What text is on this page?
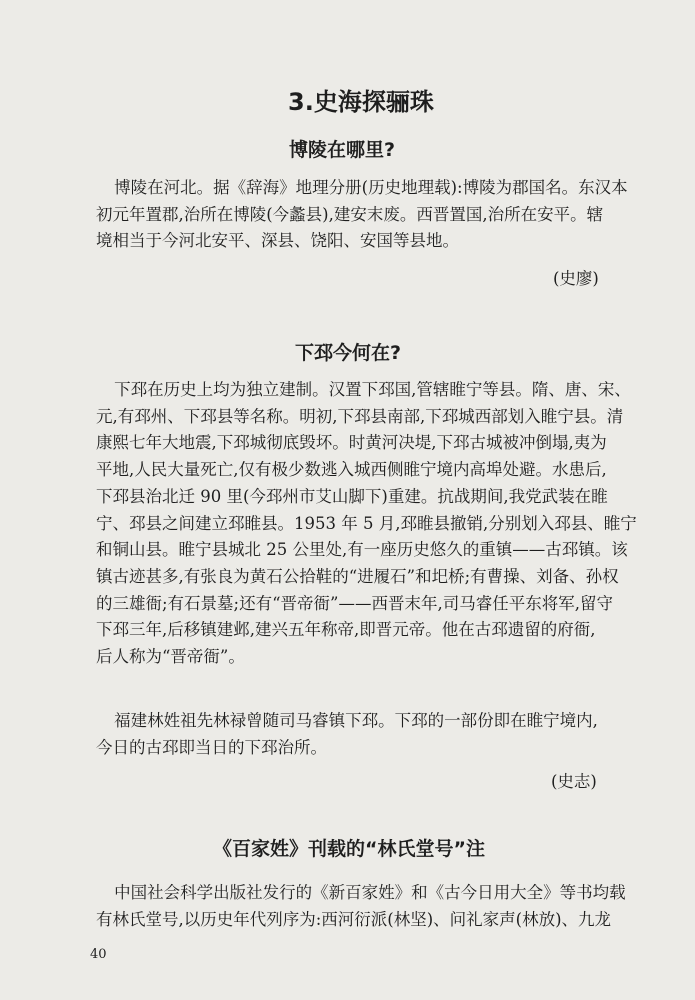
3.史海探骊珠
博陵在哪里?
博陵在河北。据《辞海》地理分册(历史地理载):博陵为郡国名。东汉本
初元年置郡,治所在博陵(今蠡县),建安末废。西晋置国,治所在安平。辖
境相当于今河北安平、深县、饶阳、安国等县地。
(史廖)
下邳今何在?
下邳在历史上均为独立建制。汉置下邳国,管辖睢宁等县。隋、唐、宋、
元,有邳州、下邳县等名称。明初,下邳县南部,下邳城西部划入睢宁县。清
康熙七年大地震,下邳城彻底毁坏。时黄河决堤,下邳古城被冲倒塌,夷为
平地,人民大量死亡,仅有极少数逃入城西侧睢宁境内高埠处避。水患后,
下邳县治北迁 90 里(今邳州市艾山脚下)重建。抗战期间,我党武装在睢
宁、邳县之间建立邳睢县。1953 年 5 月,邳睢县撤销,分别划入邳县、睢宁
和铜山县。睢宁县城北 25 公里处,有一座历史悠久的重镇——古邳镇。该
镇古迹甚多,有张良为黄石公拾鞋的“进履石”和圯桥;有曹操、刘备、孙权
的三雄衙;有石景墓;还有“晋帝衙”——西晋末年,司马睿任平东将军,留守
下邳三年,后移镇建邺,建兴五年称帝,即晋元帝。他在古邳遗留的府衙,
后人称为“晋帝衙”。
福建林姓祖先林禄曾随司马睿镇下邳。下邳的一部份即在睢宁境内,
今日的古邳即当日的下邳治所。
(史志)
《百家姓》刊载的“林氏堂号”注
中国社会科学出版社发行的《新百家姓》和《古今日用大全》等书均载
有林氏堂号,以历史年代列序为:西河衍派(林坚)、问礼家声(林放)、九龙
40
